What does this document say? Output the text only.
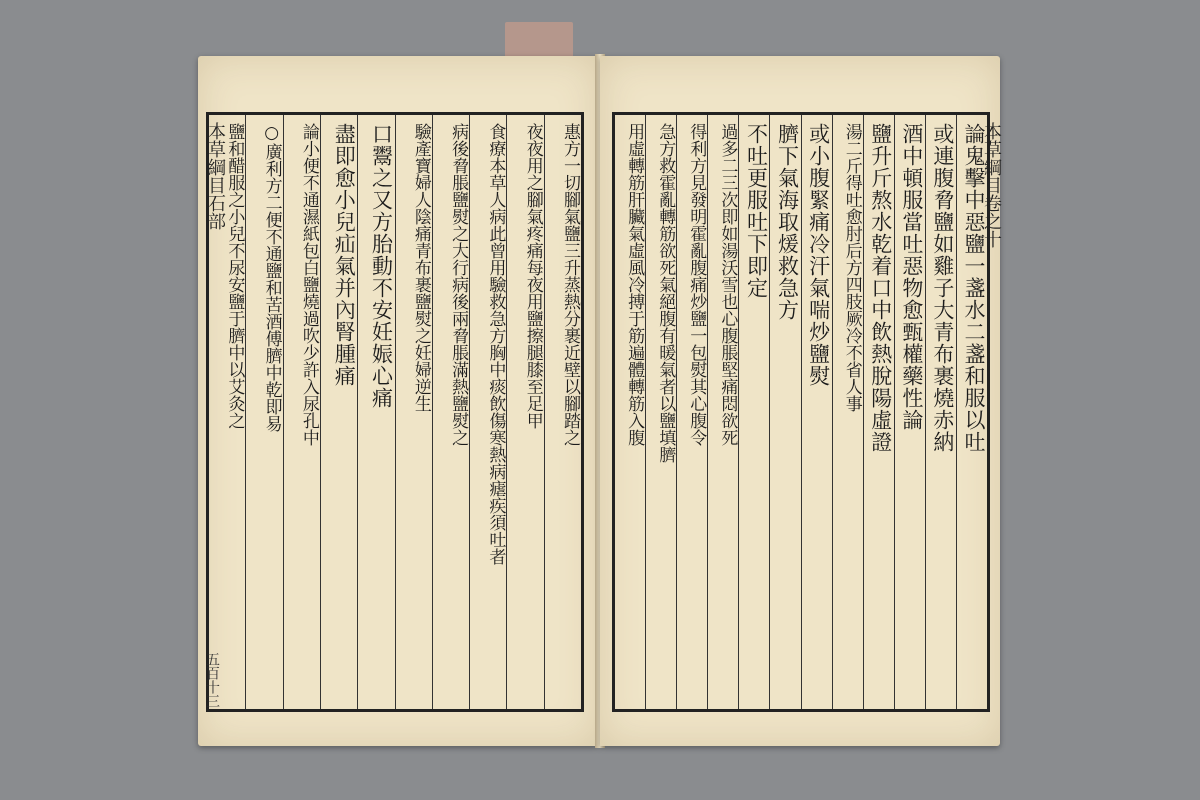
本草綱目石部	惠方一切腳氣鹽三升蒸熱分裹近壁以腳踏之
夜夜用之腳氣疼痛每夜用鹽擦腿膝至足甲
食療本草人病此曾用驗救急方胸中痰飲傷寒熱病瘧疾須吐者
病後脅脹鹽熨之大行病後兩脅脹滿熱鹽熨之
驗產寶婦人陰痛青布裹鹽熨之妊婦逆生
口鬻之又方胎動不安妊娠心痛
盡即愈小兒疝氣并內腎腫痛
論小便不通濕紙包白鹽燒過吹少許入尿孔中
○廣利方二便不通鹽和苦酒傅臍中乾即易
鹽和醋服之小兒不尿安鹽于臍中以艾灸之
五百十三
本草綱目卷之十
論鬼擊中惡鹽一盞水二盞和服以吐
或連腹脅鹽如雞子大青布裹燒赤納
酒中頓服當吐惡物愈甄權藥性論
鹽升斤熬水乾着口中飲熱脫陽虛證
湯二斤得吐愈肘后方四肢厥冷不省人事
或小腹緊痛冷汗氣喘炒鹽熨
臍下氣海取煖救急方
不吐更服吐下即定
過多二三次即如湯沃雪也心腹脹堅痛悶欲死
得利方見發明霍亂腹痛炒鹽一包熨其心腹令
急方救霍亂轉筋欲死氣絕腹有暖氣者以鹽填臍
用虛轉筋肝臟氣虛風冷搏于筋遍體轉筋入腹
